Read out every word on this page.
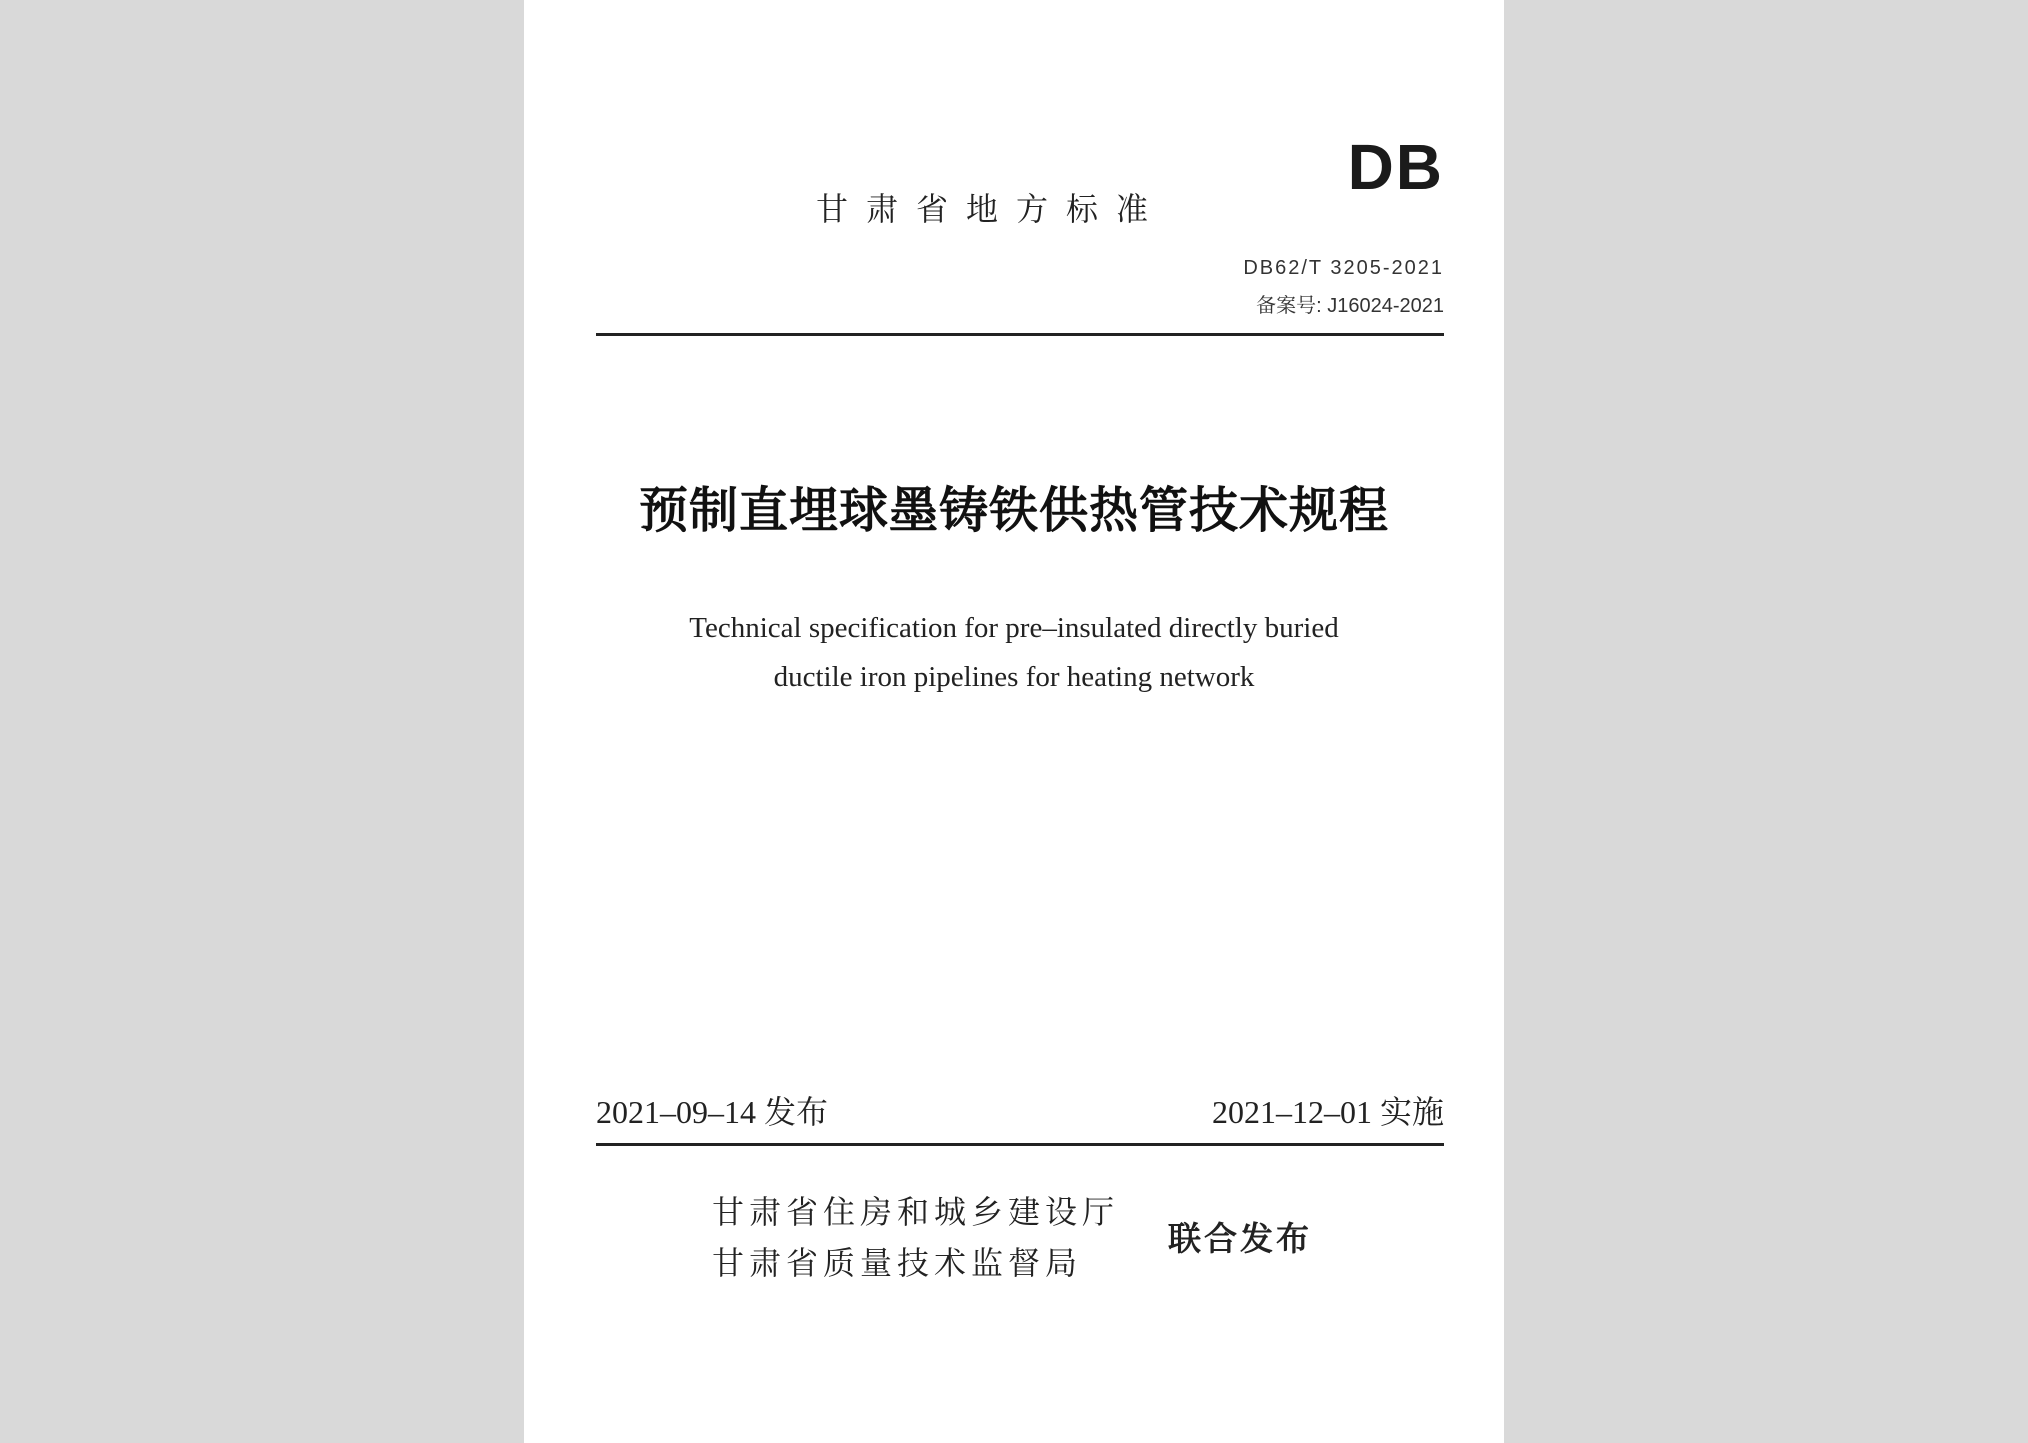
DB
甘肃省地方标准
DB62/T 3205-2021
备案号: J16024-2021
预制直埋球墨铸铁供热管技术规程
Technical specification for pre–insulated directly buried
ductile iron pipelines for heating network
2021–09–14 发布	2021–12–01 实施
甘肃省住房和城乡建设厅
甘肃省质量技术监督局
联合发布
